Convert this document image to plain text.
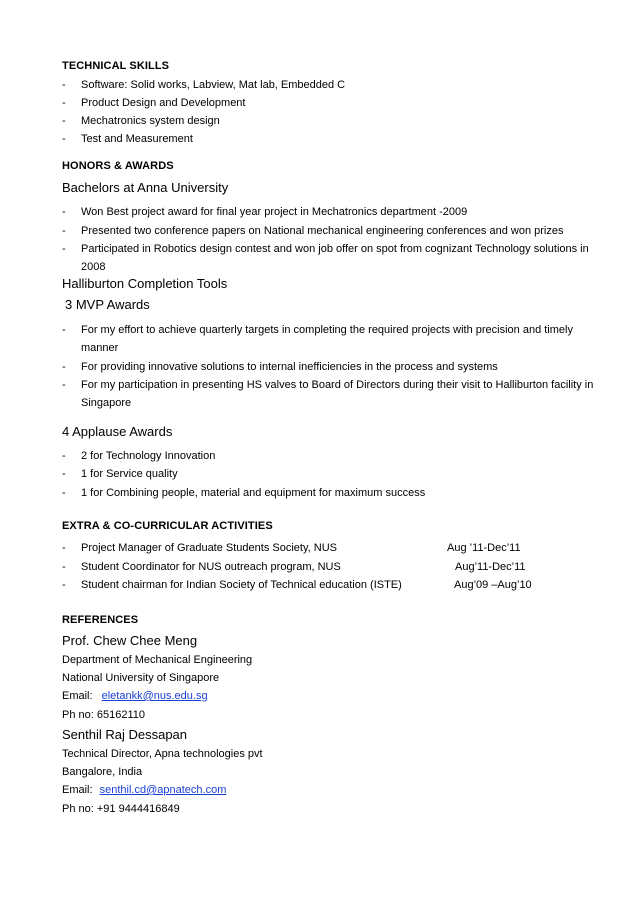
TECHNICAL SKILLS
- Software: Solid works, Labview, Mat lab, Embedded C
- Product Design and Development
- Mechatronics system design
- Test and Measurement
HONORS & AWARDS
Bachelors at Anna University
- Won Best project award for final year project in Mechatronics department -2009
- Presented two conference papers on National mechanical engineering conferences and won prizes
- Participated in Robotics design contest and won job offer on spot from cognizant Technology solutions in
2008
Halliburton Completion Tools
3 MVP Awards
- For my effort to achieve quarterly targets in completing the required projects with precision and timely
manner
- For providing innovative solutions to internal inefficiencies in the process and systems
- For my participation in presenting HS valves to Board of Directors during their visit to Halliburton facility in
Singapore
4 Applause Awards
- 2 for Technology Innovation
- 1 for Service quality
- 1 for Combining people, material and equipment for maximum success
EXTRA & CO-CURRICULAR ACTIVITIES
- Project Manager of Graduate Students Society, NUS	Aug ’11-Dec’11
- Student Coordinator for NUS outreach program, NUS	Aug’11-Dec’11
- Student chairman for Indian Society of Technical education (ISTE)	Aug’09 –Aug’10
REFERENCES
Prof. Chew Chee Meng
Department of Mechanical Engineering
National University of Singapore
Email: eletankk@nus.edu.sg
Ph no: 65162110
Senthil Raj Dessapan
Technical Director, Apna technologies pvt
Bangalore, India
Email: senthil.cd@apnatech.com
Ph no: +91 9444416849
